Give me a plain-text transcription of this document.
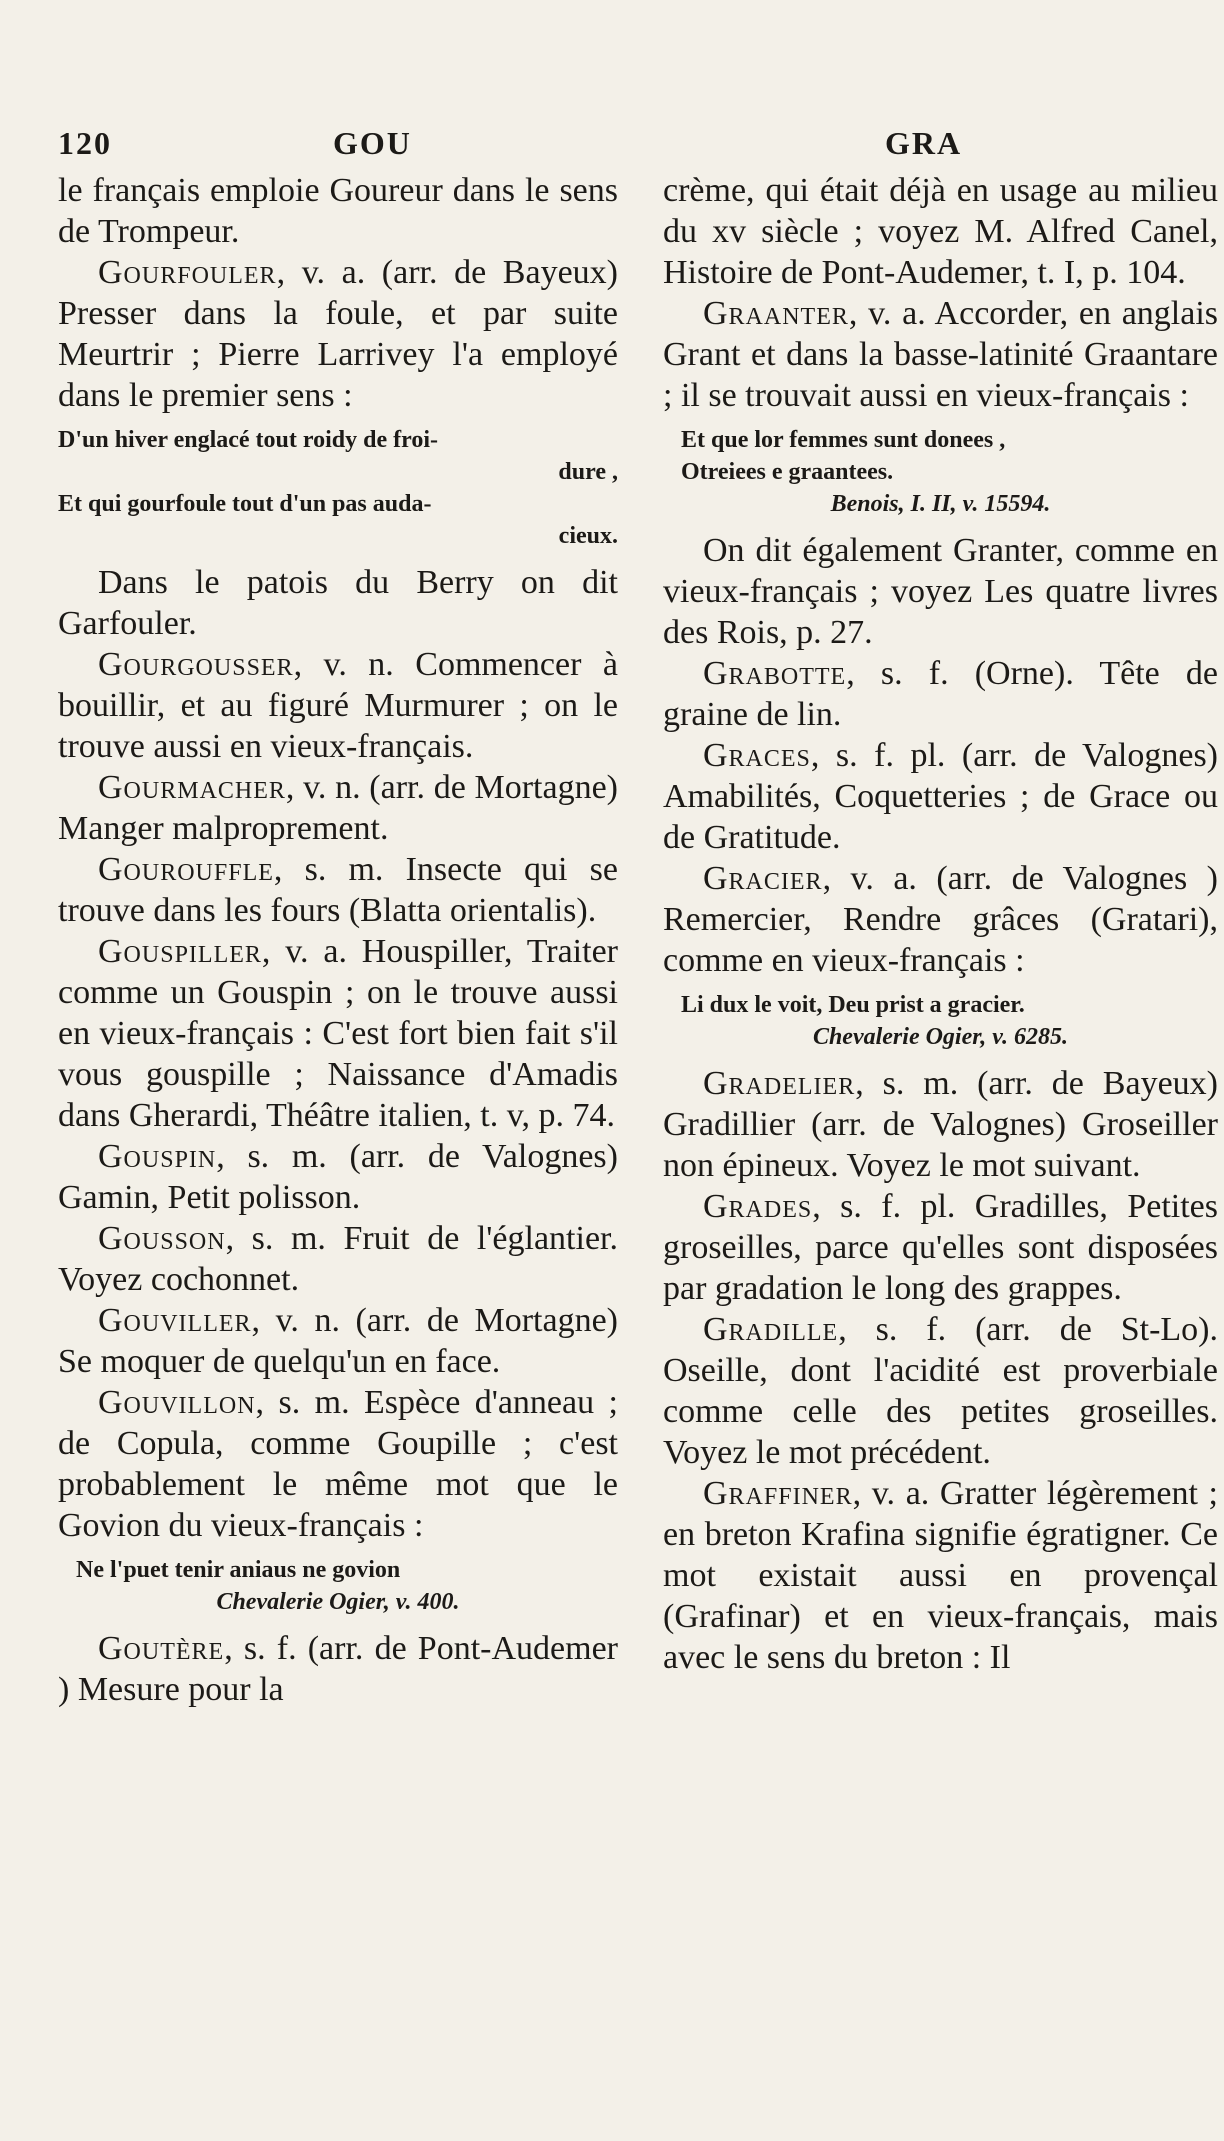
120	GOU	GRA

le français emploie Goureur dans le sens de Trompeur.

Gourfouler, v. a. (arr. de Bayeux) Presser dans la foule, et par suite Meurtrir ; Pierre Larrivey l'a employé dans le premier sens :

D'un hiver englacé tout roidy de froi-
dure ,
Et qui gourfoule tout d'un pas auda-
cieux.

Dans le patois du Berry on dit Garfouler.

Gourgousser, v. n. Commencer à bouillir, et au figuré Murmurer ; on le trouve aussi en vieux-français.

Gourmacher, v. n. (arr. de Mortagne) Manger malproprement.

Gourouffle, s. m. Insecte qui se trouve dans les fours (Blatta orientalis).

Gouspiller, v. a. Houspiller, Traiter comme un Gouspin ; on le trouve aussi en vieux-français : C'est fort bien fait s'il vous gouspille ; Naissance d'Amadis dans Gherardi, Théâtre italien, t. v, p. 74.

Gouspin, s. m. (arr. de Valognes) Gamin, Petit polisson.

Gousson, s. m. Fruit de l'églantier. Voyez cochonnet.

Gouviller, v. n. (arr. de Mortagne) Se moquer de quelqu'un en face.

Gouvillon, s. m. Espèce d'anneau ; de Copula, comme Goupille ; c'est probablement le même mot que le Govion du vieux-français :

Ne l'puet tenir aniaus ne govion
Chevalerie Ogier, v. 400.

Goutère, s. f. (arr. de Pont-Audemer ) Mesure pour la

crème, qui était déjà en usage au milieu du xv siècle ; voyez M. Alfred Canel, Histoire de Pont-Audemer, t. I, p. 104.

Graanter, v. a. Accorder, en anglais Grant et dans la basse-latinité Graantare ; il se trouvait aussi en vieux-français :

Et que lor femmes sunt donees ,
Otreiees e graantees.
Benois, I. II, v. 15594.

On dit également Granter, comme en vieux-français ; voyez Les quatre livres des Rois, p. 27.

Grabotte, s. f. (Orne). Tête de graine de lin.

Graces, s. f. pl. (arr. de Valognes) Amabilités, Coquetteries ; de Grace ou de Gratitude.

Gracier, v. a. (arr. de Valognes ) Remercier, Rendre grâces (Gratari), comme en vieux-français :

Li dux le voit, Deu prist a gracier.
Chevalerie Ogier, v. 6285.

Gradelier, s. m. (arr. de Bayeux) Gradillier (arr. de Valognes) Groseiller non épineux. Voyez le mot suivant.

Grades, s. f. pl. Gradilles, Petites groseilles, parce qu'elles sont disposées par gradation le long des grappes.

Gradille, s. f. (arr. de St-Lo). Oseille, dont l'acidité est proverbiale comme celle des petites groseilles. Voyez le mot précédent.

Graffiner, v. a. Gratter légèrement ; en breton Krafina signifie égratigner. Ce mot existait aussi en provençal (Grafinar) et en vieux-français, mais avec le sens du breton : Il
